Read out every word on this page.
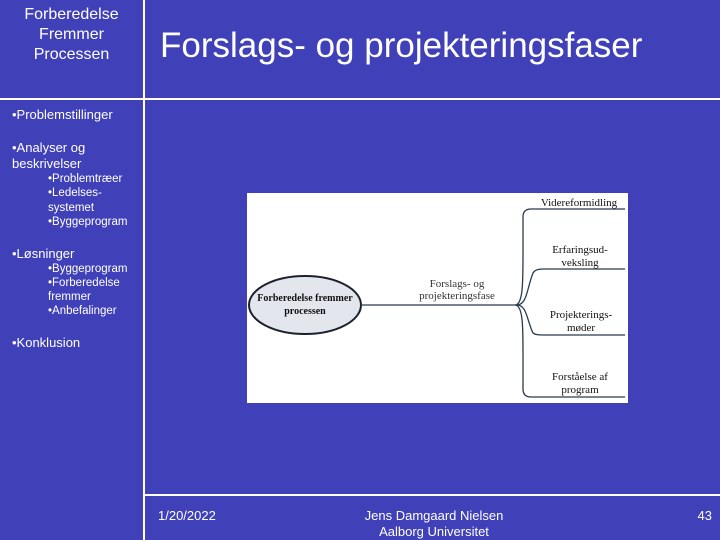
Forberedelse
Fremmer
Processen	Forslags- og projekteringsfaser
•Problemstillinger
•Analyser og
beskrivelser
•Problemtræer
•Ledelses-
systemet
•Byggeprogram
•Løsninger
•Byggeprogram
•Forberedelse
fremmer
•Anbefalinger
•Konklusion
Forberedelse fremmer
processen
Forslags- og
projekteringsfase
Videreformidling
Erfaringsud-
veksling
Projekterings-
møder
Forståelse af
program
1/20/2022	Jens Damgaard Nielsen
Aalborg Universitet
43
